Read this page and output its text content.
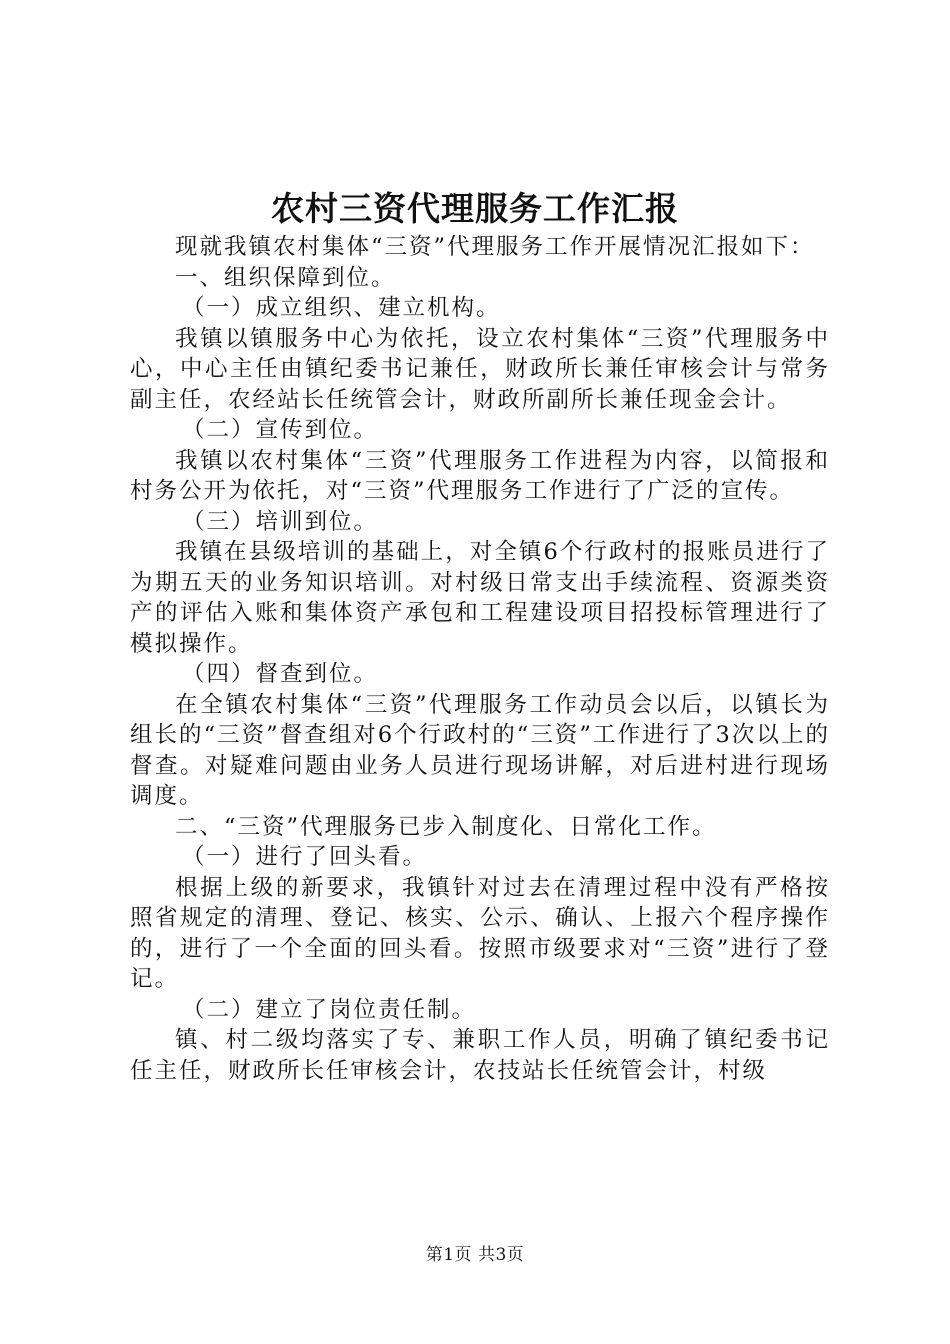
农村三资代理服务工作汇报

现就我镇农村集体“三资”代理服务工作开展情况汇报如下：

一、组织保障到位。

（一）成立组织、建立机构。

我镇以镇服务中心为依托，设立农村集体“三资”代理服务中心，中心主任由镇纪委书记兼任，财政所长兼任审核会计与常务副主任，农经站长任统管会计，财政所副所长兼任现金会计。

（二）宣传到位。

我镇以农村集体“三资”代理服务工作进程为内容，以简报和村务公开为依托，对“三资”代理服务工作进行了广泛的宣传。

（三）培训到位。

我镇在县级培训的基础上，对全镇6个行政村的报账员进行了为期五天的业务知识培训。对村级日常支出手续流程、资源类资产的评估入账和集体资产承包和工程建设项目招投标管理进行了模拟操作。

（四）督查到位。

在全镇农村集体“三资”代理服务工作动员会以后，以镇长为组长的“三资”督查组对6个行政村的“三资”工作进行了3次以上的督查。对疑难问题由业务人员进行现场讲解，对后进村进行现场调度。

二、“三资”代理服务已步入制度化、日常化工作。

（一）进行了回头看。

根据上级的新要求，我镇针对过去在清理过程中没有严格按照省规定的清理、登记、核实、公示、确认、上报六个程序操作的，进行了一个全面的回头看。按照市级要求对“三资”进行了登记。

（二）建立了岗位责任制。

镇、村二级均落实了专、兼职工作人员，明确了镇纪委书记任主任，财政所长任审核会计，农技站长任统管会计，村级

第1页 共3页
